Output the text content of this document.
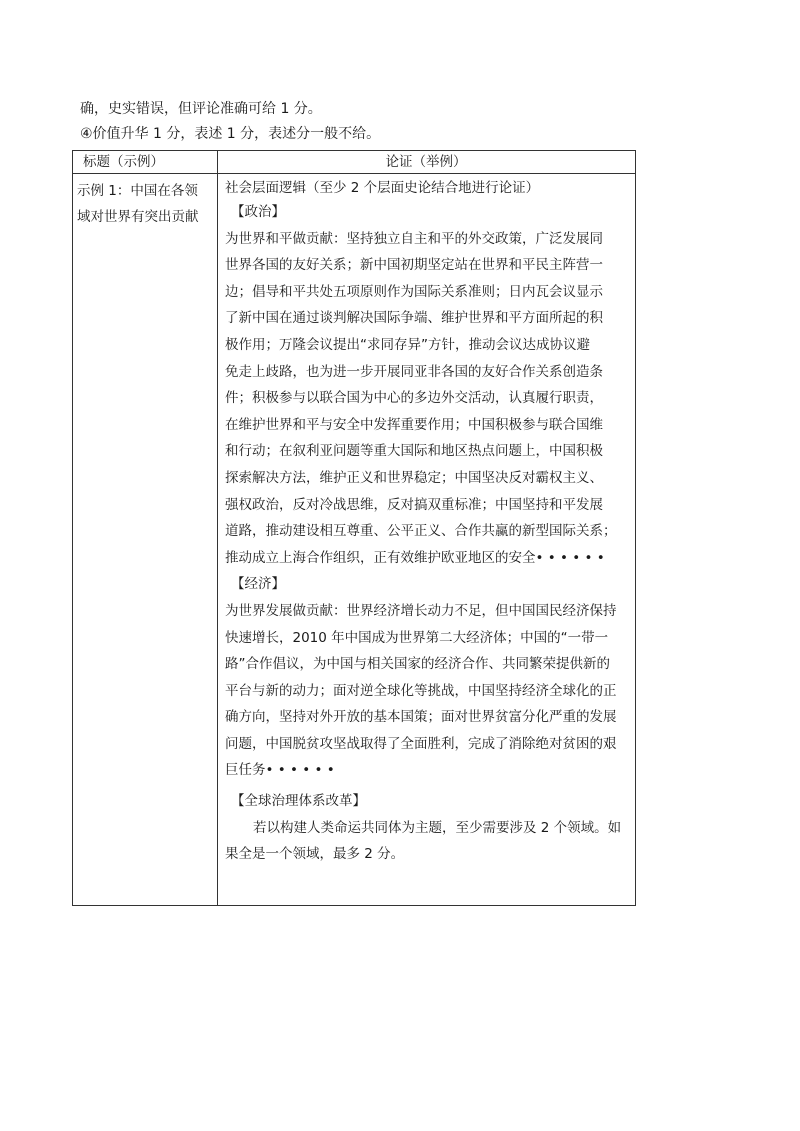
确，史实错误，但评论准确可给 1 分。
④价值升华 1 分，表述 1 分，表述分一般不给。
标题（示例）	论证（举例）
示例 1：中国在各领
域对世界有突出贡献
社会层面逻辑（至少 2 个层面史论结合地进行论证）
【政治】
为世界和平做贡献：坚持独立自主和平的外交政策，广泛发展同
世界各国的友好关系；新中国初期坚定站在世界和平民主阵营一
边；倡导和平共处五项原则作为国际关系准则；日内瓦会议显示
了新中国在通过谈判解决国际争端、维护世界和平方面所起的积
极作用；万隆会议提出“求同存异”方针，推动会议达成协议避
免走上歧路，也为进一步开展同亚非各国的友好合作关系创造条
件；积极参与以联合国为中心的多边外交活动，认真履行职责，
在维护世界和平与安全中发挥重要作用；中国积极参与联合国维
和行动；在叙利亚问题等重大国际和地区热点问题上，中国积极
探索解决方法，维护正义和世界稳定；中国坚决反对霸权主义、
强权政治，反对冷战思维，反对搞双重标准；中国坚持和平发展
道路，推动建设相互尊重、公平正义、合作共赢的新型国际关系；
推动成立上海合作组织，正有效维护欧亚地区的安全• • • • • •
【经济】
为世界发展做贡献：世界经济增长动力不足，但中国国民经济保持
快速增长，2010 年中国成为世界第二大经济体；中国的“一带一
路”合作倡议，为中国与相关国家的经济合作、共同繁荣提供新的
平台与新的动力；面对逆全球化等挑战，中国坚持经济全球化的正
确方向，坚持对外开放的基本国策；面对世界贫富分化严重的发展
问题，中国脱贫攻坚战取得了全面胜利，完成了消除绝对贫困的艰
巨任务• • • • • •
【全球治理体系改革】
若以构建人类命运共同体为主题，至少需要涉及 2 个领域。如
果全是一个领域，最多 2 分。
